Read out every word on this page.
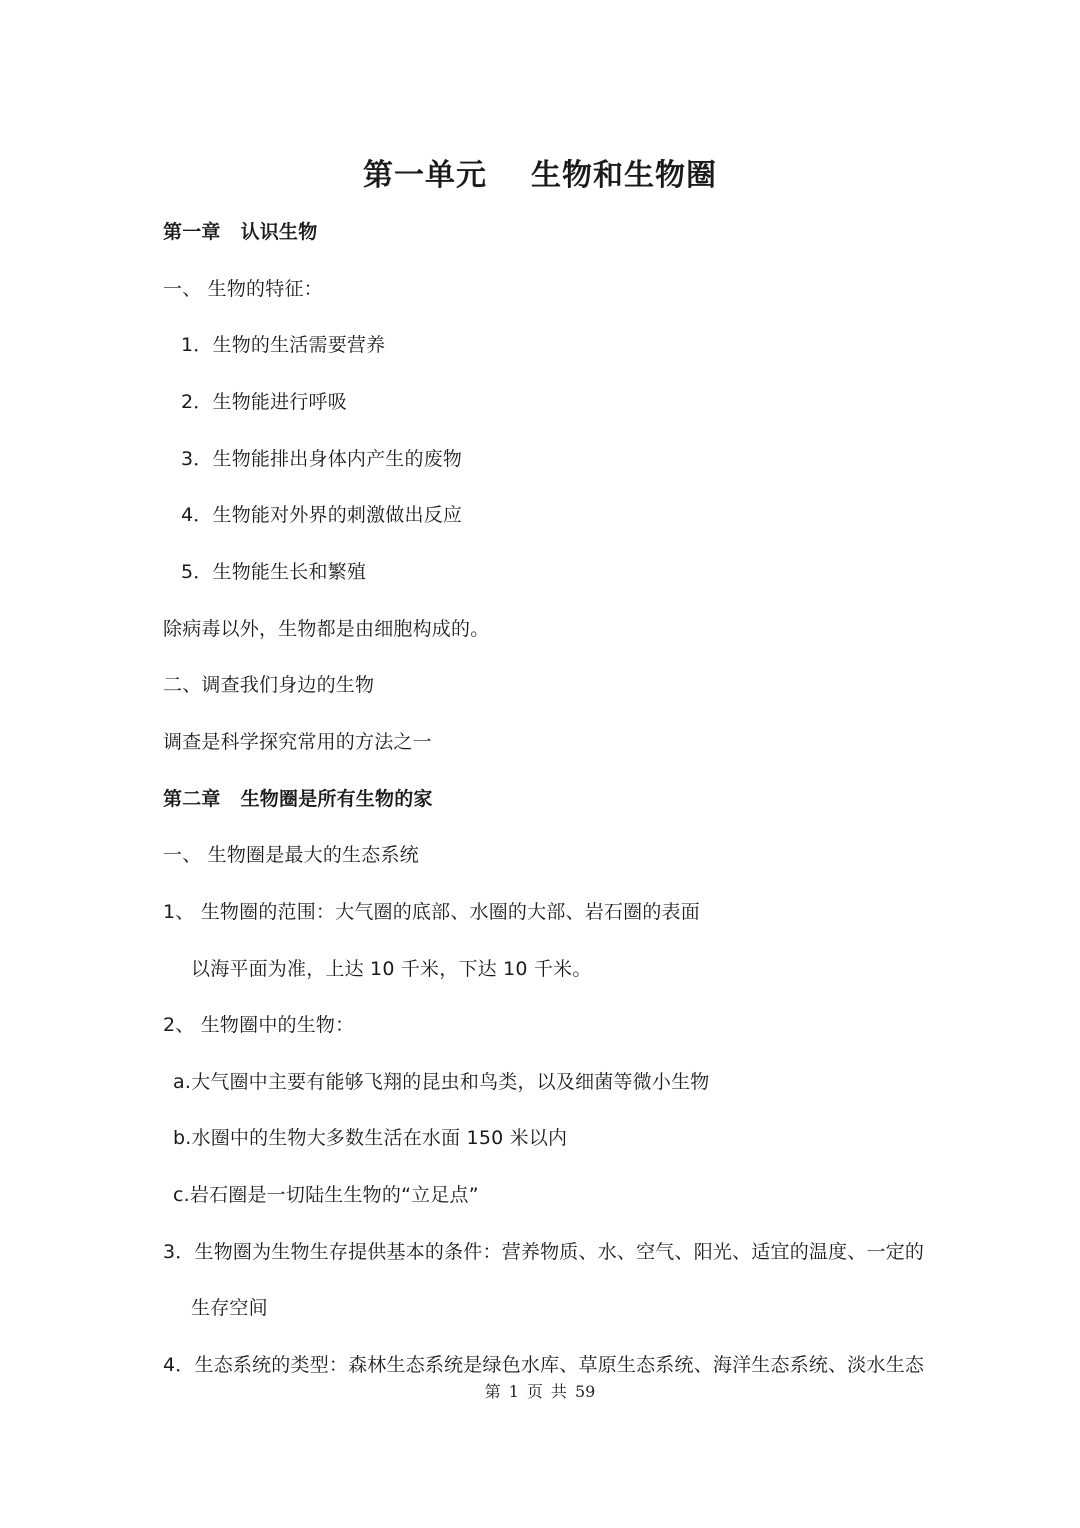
第一单元 生物和生物圈
第一章 认识生物
一、 生物的特征：
1．生物的生活需要营养
2．生物能进行呼吸
3．生物能排出身体内产生的废物
4．生物能对外界的刺激做出反应
5．生物能生长和繁殖
除病毒以外，生物都是由细胞构成的。
二、调查我们身边的生物
调查是科学探究常用的方法之一
第二章 生物圈是所有生物的家
一、 生物圈是最大的生态系统
1、 生物圈的范围：大气圈的底部、水圈的大部、岩石圈的表面
以海平面为准，上达 10 千米，下达 10 千米。
2、 生物圈中的生物：
a.大气圈中主要有能够飞翔的昆虫和鸟类，以及细菌等微小生物
b.水圈中的生物大多数生活在水面 150 米以内
c.岩石圈是一切陆生生物的“立足点”
3．生物圈为生物生存提供基本的条件：营养物质、水、空气、阳光、适宜的温度、一定的
生存空间
4．生态系统的类型：森林生态系统是绿色水库、草原生态系统、海洋生态系统、淡水生态
第 1 页 共 59
